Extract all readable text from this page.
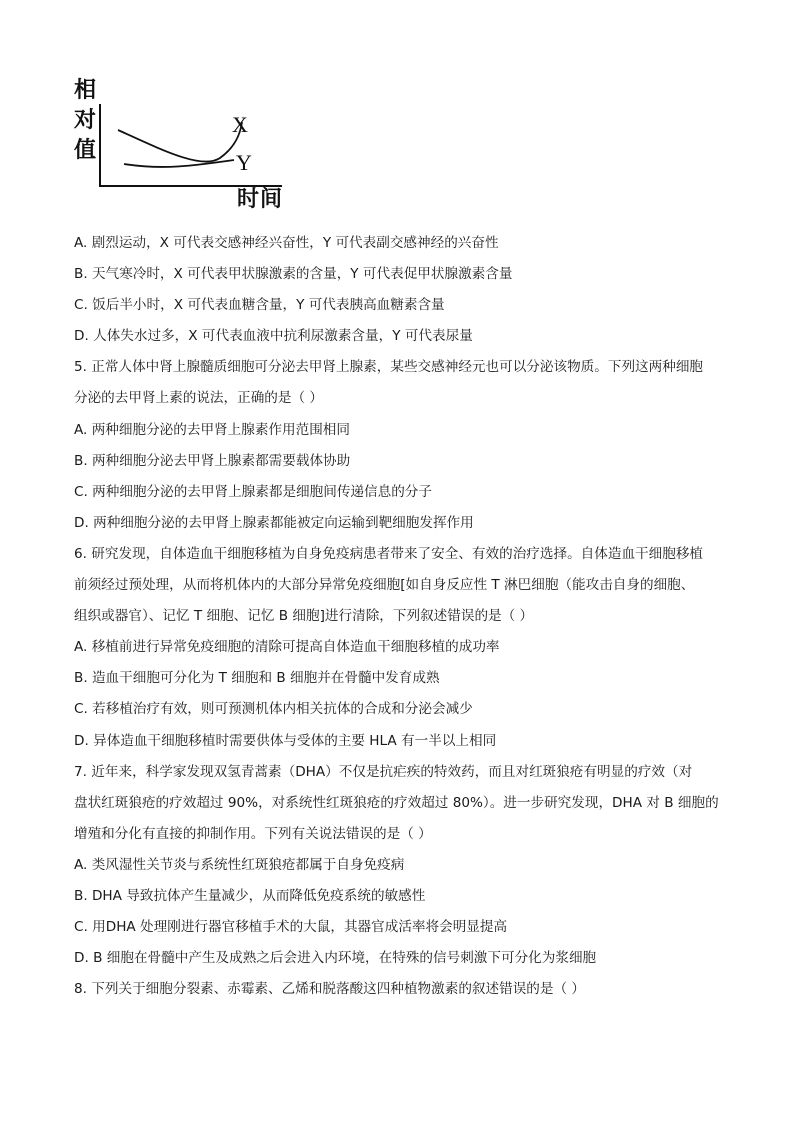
相
对
值
X
Y
时间
A. 剧烈运动，X 可代表交感神经兴奋性，Y 可代表副交感神经的兴奋性
B. 天气寒冷时，X 可代表甲状腺激素的含量，Y 可代表促甲状腺激素含量
C. 饭后半小时，X 可代表血糖含量，Y 可代表胰高血糖素含量
D. 人体失水过多，X 可代表血液中抗利尿激素含量，Y 可代表尿量
5. 正常人体中肾上腺髓质细胞可分泌去甲肾上腺素，某些交感神经元也可以分泌该物质。下列这两种细胞
分泌的去甲肾上素的说法，正确的是（ ）
A. 两种细胞分泌的去甲肾上腺素作用范围相同
B. 两种细胞分泌去甲肾上腺素都需要载体协助
C. 两种细胞分泌的去甲肾上腺素都是细胞间传递信息的分子
D. 两种细胞分泌的去甲肾上腺素都能被定向运输到靶细胞发挥作用
6. 研究发现，自体造血干细胞移植为自身免疫病患者带来了安全、有效的治疗选择。自体造血干细胞移植
前须经过预处理，从而将机体内的大部分异常免疫细胞[如自身反应性 T 淋巴细胞（能攻击自身的细胞、
组织或器官）、记忆 T 细胞、记忆 B 细胞]进行清除，下列叙述错误的是（ ）
A. 移植前进行异常免疫细胞的清除可提高自体造血干细胞移植的成功率
B. 造血干细胞可分化为 T 细胞和 B 细胞并在骨髓中发育成熟
C. 若移植治疗有效，则可预测机体内相关抗体的合成和分泌会减少
D. 异体造血干细胞移植时需要供体与受体的主要 HLA 有一半以上相同
7. 近年来，科学家发现双氢青蒿素（DHA）不仅是抗疟疾的特效药，而且对红斑狼疮有明显的疗效（对
盘状红斑狼疮的疗效超过 90%，对系统性红斑狼疮的疗效超过 80%）。进一步研究发现，DHA 对 B 细胞的
增殖和分化有直接的抑制作用。下列有关说法错误的是（ ）
A. 类风湿性关节炎与系统性红斑狼疮都属于自身免疫病
B. DHA 导致抗体产生量减少，从而降低免疫系统的敏感性
C. 用DHA 处理刚进行器官移植手术的大鼠，其器官成活率将会明显提高
D. B 细胞在骨髓中产生及成熟之后会进入内环境，在特殊的信号刺激下可分化为浆细胞
8. 下列关于细胞分裂素、赤霉素、乙烯和脱落酸这四种植物激素的叙述错误的是（ ）
